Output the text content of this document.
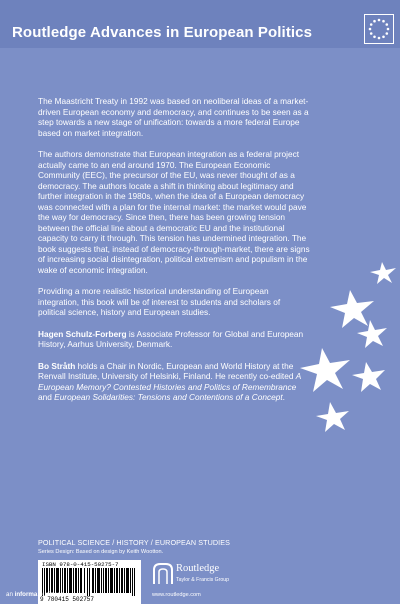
Routledge Advances in European Politics

The Maastricht Treaty in 1992 was based on neoliberal ideas of a market-driven European economy and democracy, and continues to be seen as a step towards a new stage of unification: towards a more federal Europe based on market integration.

The authors demonstrate that European integration as a federal project actually came to an end around 1970. The European Economic Community (EEC), the precursor of the EU, was never thought of as a democracy. The authors locate a shift in thinking about legitimacy and further integration in the 1980s, when the idea of a European democracy was connected with a plan for the internal market: the market would pave the way for democracy. Since then, there has been growing tension between the official line about a democratic EU and the institutional capacity to carry it through. This tension has undermined integration. The book suggests that, instead of democracy-through-market, there are signs of increasing social disintegration, political extremism and populism in the wake of economic integration.

Providing a more realistic historical understanding of European integration, this book will be of interest to students and scholars of political science, history and European studies.

Hagen Schulz-Forberg is Associate Professor for Global and European History, Aarhus University, Denmark.

Bo Stråth holds a Chair in Nordic, European and World History at the Renvall Institute, University of Helsinki, Finland. He recently co-edited A European Memory? Contested Histories and Politics of Remembrance and European Solidarities: Tensions and Contentions of a Concept.

POLITICAL SCIENCE / HISTORY / EUROPEAN STUDIES
Series Design: Based on design by Keith Wootton.
ISBN 978-0-415-50275-7
9 780415 502757
Routledge
Taylor & Francis Group
www.routledge.com
an informa business
